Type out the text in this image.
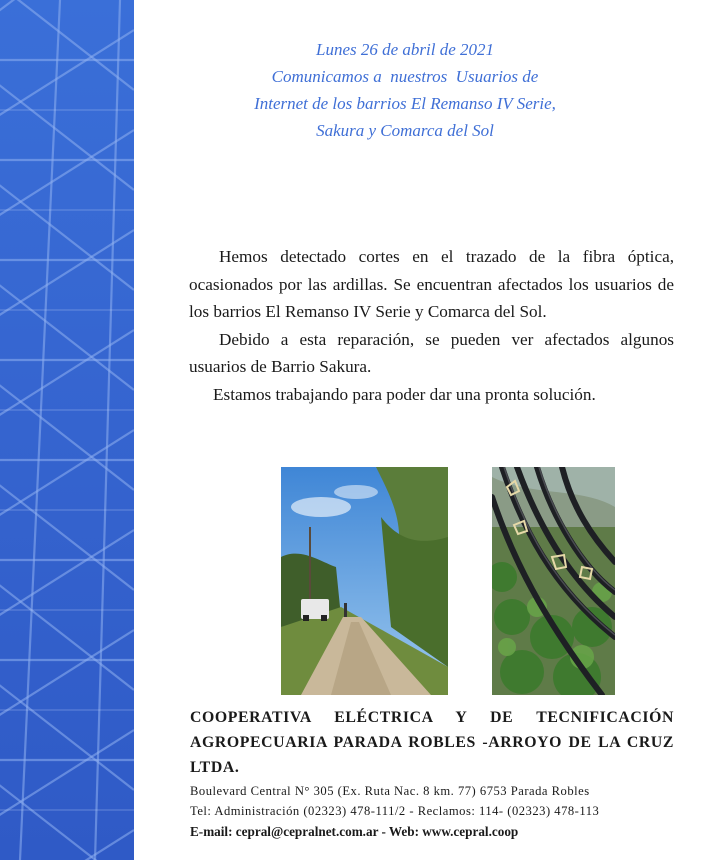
Lunes 26 de abril de 2021
Comunicamos a  nuestros  Usuarios de
Internet de los barrios El Remanso IV Serie,
Sakura y Comarca del Sol

Hemos detectado cortes en el trazado de la fibra óptica, ocasionados por las ardillas. Se encuentran afectados los usuarios de los barrios El Remanso IV Serie y Comarca del Sol.

Debido a esta reparación, se pueden ver afectados algunos usuarios de Barrio Sakura.

Estamos trabajando para poder dar una pronta solución.

COOPERATIVA ELÉCTRICA Y DE TECNIFICACIÓN AGROPECUARIA PARADA ROBLES -ARROYO DE LA CRUZ LTDA.
Boulevard Central N° 305 (Ex. Ruta Nac. 8 km. 77) 6753 Parada Robles
Tel: Administración (02323) 478-111/2 - Reclamos: 114- (02323) 478-113
E-mail: cepral@cepralnet.com.ar - Web: www.cepral.coop
